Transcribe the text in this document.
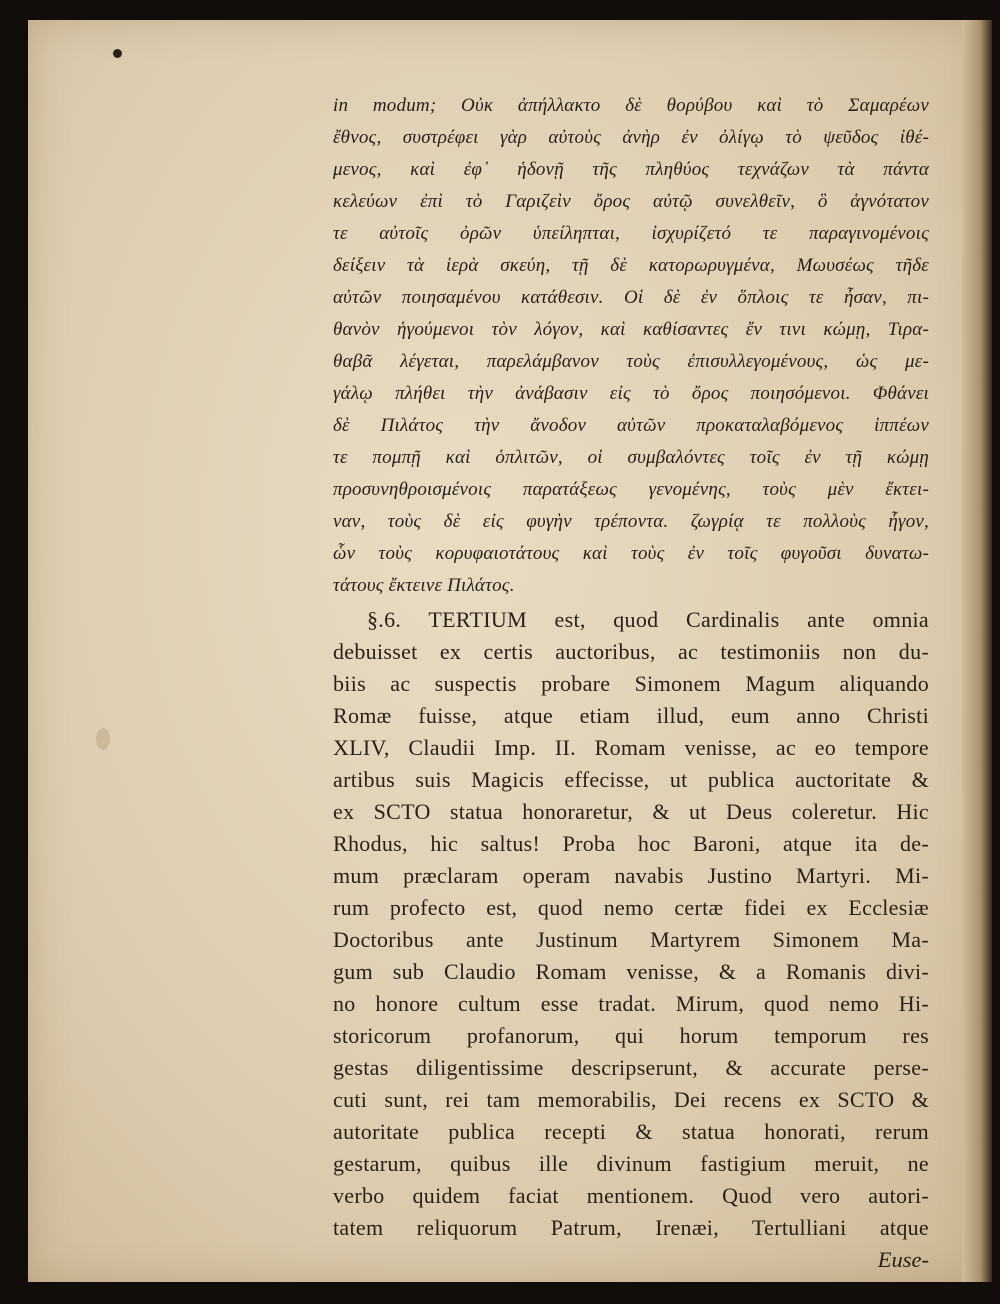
in modum; Οὐκ ἀπήλλακτο δὲ θορύβου καὶ τὸ Σαμαρέων
ἔθνος, συστρέφει γὰρ αὐτοὺς ἀνὴρ ἐν ὀλίγῳ τὸ ψεῦδος ἰθέ-
μενος, καὶ ἐφ᾽ ἡδονῇ τῆς πληθύος τεχνάζων τὰ πάντα
κελεύων ἐπὶ τὸ Γαριζεὶν ὄρος αὐτῷ συνελθεῖν, ὃ ἁγνότατον
τε αὐτοῖς ὀρῶν ὑπείληπται, ἰσχυρίζετό τε παραγινομένοις
δείξειν τὰ ἱερὰ σκεύη, τῇ δὲ κατορωρυγμένα, Μωυσέως τῆδε
αὐτῶν ποιησαμένου κατάθεσιν. Οἱ δὲ ἐν ὅπλοις τε ἦσαν, πι-
θανὸν ἡγούμενοι τὸν λόγον, καὶ καθίσαντες ἔν τινι κώμῃ, Τιρα-
θαβᾶ λέγεται, παρελάμβανον τοὺς ἐπισυλλεγομένους, ὡς με-
γάλῳ πλήθει τὴν ἀνάβασιν εἰς τὸ ὄρος ποιησόμενοι. Φθάνει
δὲ Πιλάτος τὴν ἄνοδον αὐτῶν προκαταλαβόμενος ἱππέων
τε πομπῇ καὶ ὁπλιτῶν, οἱ συμβαλόντες τοῖς ἐν τῇ κώμῃ
προσυνηθροισμένοις παρατάξεως γενομένης, τοὺς μὲν ἔκτει-
ναν, τοὺς δὲ εἰς φυγὴν τρέποντα. ζωγρίᾳ τε πολλοὺς ἦγον,
ὧν τοὺς κορυφαιοτάτους καὶ τοὺς ἐν τοῖς φυγοῦσι δυνατω-
τάτους ἔκτεινε Πιλάτος.
§.6. TERTIUM est, quod Cardinalis ante omnia
debuisset ex certis auctoribus, ac testimoniis non du-
biis ac suspectis probare Simonem Magum aliquando
Romæ fuisse, atque etiam illud, eum anno Christi
XLIV, Claudii Imp. II. Romam venisse, ac eo tempore
artibus suis Magicis effecisse, ut publica auctoritate &
ex SCTO statua honoraretur, & ut Deus coleretur. Hic
Rhodus, hic saltus! Proba hoc Baroni, atque ita de-
mum præclaram operam navabis Justino Martyri. Mi-
rum profecto est, quod nemo certæ fidei ex Ecclesiæ
Doctoribus ante Justinum Martyrem Simonem Ma-
gum sub Claudio Romam venisse, & a Romanis divi-
no honore cultum esse tradat. Mirum, quod nemo Hi-
storicorum profanorum, qui horum temporum res
gestas diligentissime descripserunt, & accurate perse-
cuti sunt, rei tam memorabilis, Dei recens ex SCTO &
autoritate publica recepti & statua honorati, rerum
gestarum, quibus ille divinum fastigium meruit, ne
verbo quidem faciat mentionem. Quod vero autori-
tatem reliquorum Patrum, Irenæi, Tertulliani atque
Euse-
